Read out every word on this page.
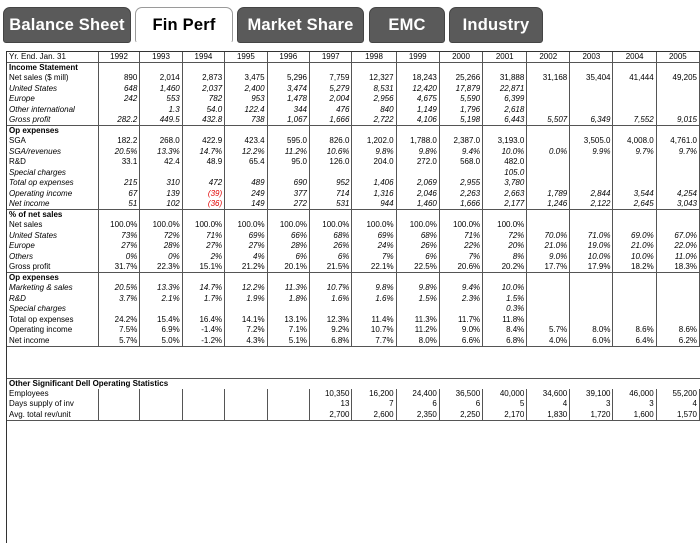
Balance Sheet	Fin Perf	Market Share	EMC	Industry
Yr. End. Jan. 31	1992	1993	1994	1995	1996	1997	1998	1999	2000	2001	2002	2003	2004	2005
Income Statement														
Net sales ($ mill)	890	2,014	2,873	3,475	5,296	7,759	12,327	18,243	25,266	31,888	31,168	35,404	41,444	49,205
United States	648	1,460	2,037	2,400	3,474	5,279	8,531	12,420	17,879	22,871				
Europe	242	553	782	953	1,478	2,004	2,956	4,675	5,590	6,399				
Other international		1.3	54.0	122.4	344	476	840	1,149	1,796	2,618				
Gross profit	282.2	449.5	432.8	738	1,067	1,666	2,722	4,106	5,198	6,443	5,507	6,349	7,552	9,015
Op expenses														
SGA	182.2	268.0	422.9	423.4	595.0	826.0	1,202.0	1,788.0	2,387.0	3,193.0		3,505.0	4,008.0	4,761.0
SGA/revenues	20.5%	13.3%	14.7%	12.2%	11.2%	10.6%	9.8%	9.8%	9.4%	10.0%	0.0%	9.9%	9.7%	9.7%
R&D	33.1	42.4	48.9	65.4	95.0	126.0	204.0	272.0	568.0	482.0				
Special charges										105.0				
Total op expenses	215	310	472	489	690	952	1,406	2,069	2,955	3,780				
Operating income	67	139	(39)	249	377	714	1,316	2,046	2,263	2,663	1,789	2,844	3,544	4,254
Net income	51	102	(36)	149	272	531	944	1,460	1,666	2,177	1,246	2,122	2,645	3,043
% of net sales														
Net sales	100.0%	100.0%	100.0%	100.0%	100.0%	100.0%	100.0%	100.0%	100.0%	100.0%				
United States	73%	72%	71%	69%	66%	68%	69%	68%	71%	72%	70.0%	71.0%	69.0%	67.0%
Europe	27%	28%	27%	27%	28%	26%	24%	26%	22%	20%	21.0%	19.0%	21.0%	22.0%
Others	0%	0%	2%	4%	6%	6%	7%	6%	7%	8%	9.0%	10.0%	10.0%	11.0%
Gross profit	31.7%	22.3%	15.1%	21.2%	20.1%	21.5%	22.1%	22.5%	20.6%	20.2%	17.7%	17.9%	18.2%	18.3%
Op expenses														
Marketing & sales	20.5%	13.3%	14.7%	12.2%	11.3%	10.7%	9.8%	9.8%	9.4%	10.0%				
R&D	3.7%	2.1%	1.7%	1.9%	1.8%	1.6%	1.6%	1.5%	2.3%	1.5%				
Special charges										0.3%				
Total op expenses	24.2%	15.4%	16.4%	14.1%	13.1%	12.3%	11.4%	11.3%	11.7%	11.8%				
Operating income	7.5%	6.9%	-1.4%	7.2%	7.1%	9.2%	10.7%	11.2%	9.0%	8.4%	5.7%	8.0%	8.6%	8.6%
Net income	5.7%	5.0%	-1.2%	4.3%	5.1%	6.8%	7.7%	8.0%	6.6%	6.8%	4.0%	6.0%	6.4%	6.2%

Other Significant Dell Operating Statistics														
Employees						10,350	16,200	24,400	36,500	40,000	34,600	39,100	46,000	55,200
Days supply of inv						13	7	6	6	5	4	3	3	4
Avg. total rev/unit						2,700	2,600	2,350	2,250	2,170	1,830	1,720	1,600	1,570
